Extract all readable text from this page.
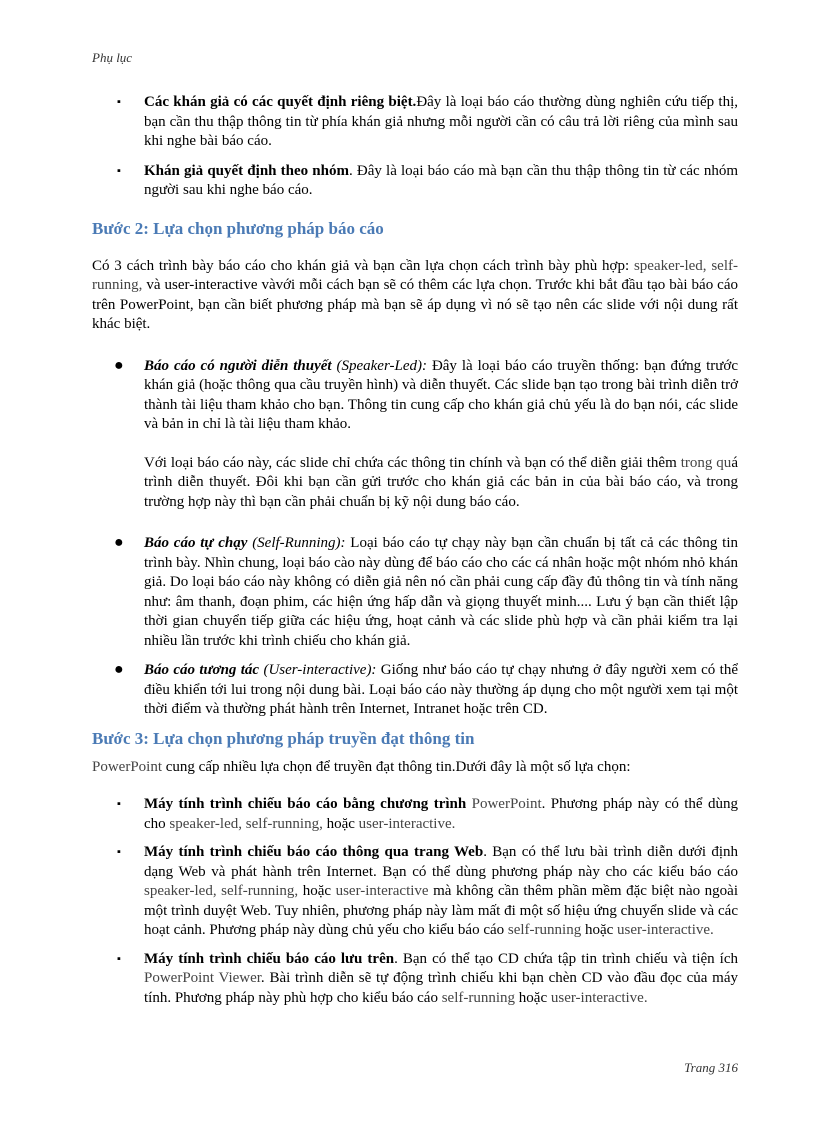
Phụ lục
▪ Các khán giả có các quyết định riêng biệt.Đây là loại báo cáo thường dùng nghiên cứu tiếp thị, bạn cần thu thập thông tin từ phía khán giả nhưng mỗi người cần có câu trả lời riêng của mình sau khi nghe bài báo cáo.

▪ Khán giả quyết định theo nhóm. Đây là loại báo cáo mà bạn cần thu thập thông tin từ các nhóm người sau khi nghe báo cáo.

Bước 2: Lựa chọn phương pháp báo cáo

Có 3 cách trình bày báo cáo cho khán giả và bạn cần lựa chọn cách trình bày phù hợp: speaker-led, self-running, và user-interactive vàvới mỗi cách bạn sẽ có thêm các lựa chọn. Trước khi bắt đầu tạo bài báo cáo trên PowerPoint, bạn cần biết phương pháp mà bạn sẽ áp dụng vì nó sẽ tạo nên các slide với nội dung rất khác biệt.

● Báo cáo có người diễn thuyết (Speaker-Led): Đây là loại báo cáo truyền thống: bạn đứng trước khán giả (hoặc thông qua cầu truyền hình) và diễn thuyết. Các slide bạn tạo trong bài trình diễn trở thành tài liệu tham khảo cho bạn. Thông tin cung cấp cho khán giả chủ yếu là do bạn nói, các slide và bản in chỉ là tài liệu tham khảo.

Với loại báo cáo này, các slide chỉ chứa các thông tin chính và bạn có thể diễn giải thêm trong quá trình diễn thuyết. Đôi khi bạn cần gửi trước cho khán giả các bản in của bài báo cáo, và trong trường hợp này thì bạn cần phải chuẩn bị kỹ nội dung báo cáo.

● Báo cáo tự chạy (Self-Running): Loại báo cáo tự chạy này bạn cần chuẩn bị tất cả các thông tin trình bày. Nhìn chung, loại báo cào này dùng để báo cáo cho các cá nhân hoặc một nhóm nhỏ khán giả. Do loại báo cáo này không có diễn giả nên nó cần phải cung cấp đầy đủ thông tin và tính năng như: âm thanh, đoạn phim, các hiện ứng hấp dẫn và giọng thuyết minh.... Lưu ý bạn cần thiết lập thời gian chuyển tiếp giữa các hiệu ứng, hoạt cảnh và các slide phù hợp và cần phải kiểm tra lại nhiều lần trước khi trình chiếu cho khán giả.

● Báo cáo tương tác (User-interactive): Giống như báo cáo tự chạy nhưng ở đây người xem có thể điều khiển tới lui trong nội dung bài. Loại báo cáo này thường áp dụng cho một người xem tại một thời điểm và thường phát hành trên Internet, Intranet hoặc trên CD.

Bước 3: Lựa chọn phương pháp truyền đạt thông tin

PowerPoint cung cấp nhiều lựa chọn để truyền đạt thông tin.Dưới đây là một số lựa chọn:

▪ Máy tính trình chiếu báo cáo bằng chương trình PowerPoint. Phương pháp này có thể dùng cho speaker-led, self-running, hoặc user-interactive.

▪ Máy tính trình chiếu báo cáo thông qua trang Web. Bạn có thể lưu bài trình diễn dưới định dạng Web và phát hành trên Internet. Bạn có thể dùng phương pháp này cho các kiểu báo cáo speaker-led, self-running, hoặc user-interactive mà không cần thêm phần mềm đặc biệt nào ngoài một trình duyệt Web. Tuy nhiên, phương pháp này làm mất đi một số hiệu ứng chuyển slide và các hoạt cảnh. Phương pháp này dùng chủ yếu cho kiểu báo cáo self-running hoặc user-interactive.

▪ Máy tính trình chiếu báo cáo lưu trên. Bạn có thể tạo CD chứa tập tin trình chiếu và tiện ích PowerPoint Viewer. Bài trình diễn sẽ tự động trình chiếu khi bạn chèn CD vào đầu đọc của máy tính. Phương pháp này phù hợp cho kiểu báo cáo self-running hoặc user-interactive.

Trang 316
